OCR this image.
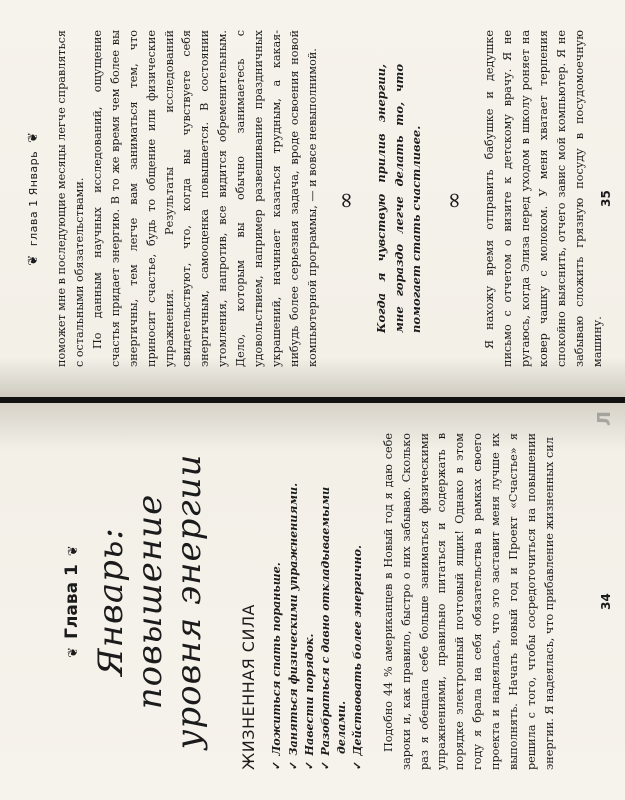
❦Глава 1❦ Январь: повышение уровня энергии ЖИЗНЕННАЯ СИЛА ✓Ложиться спать пораньше.
✓Заняться физическими упражнениями.
✓Навести порядок.
✓Разобраться с давно откладываемыми делами.
✓Действовать более энергично. Подобно 44 % американцев в Новый год я даю себе зароки и, как правило, быстро о них забываю. Сколько раз я обещала себе больше заниматься физическими упражнениями, правильно питаться и содержать в порядке электронный почтовый ящик! Однако в этом году я брала на себя обязательства в рамках своего проекта и надеялась, что это заставит меня лучше их выполнять. Начать новый год и Проект «Счастье» я решила с того, чтобы сосредоточиться на повышении энергии. Я надеялась, что прибавление жизненных сил	34
Л
❦глава 1 Январь❦ поможет мне в последующие месяцы легче справляться с остальными обязательствами. По данным научных исследований, ощущение счастья придает энергию. В то же время чем более вы энергичны, тем легче вам заниматься тем, что приносит счастье, будь то общение или физические упражнения. Результаты исследований свидетельствуют, что, когда вы чувствуете себя энергичным, самооценка повышается. В состоянии утомления, напротив, все видится обременительным. Дело, которым вы обычно занимаетесь с удовольствием, например развешивание праздничных украшений, начинает казаться трудным, а какая-нибудь более серьезная задача, вроде освоения новой компьютерной программы, — и вовсе невыполнимой. ∞ Когда я чувствую прилив энергии, мне гораздо легче делать то, что помогает стать счастливее. ∞ Я нахожу время отправить бабушке и дедушке письмо с отчетом о визите к детскому врачу. Я не ругаюсь, когда Элиза перед уходом в школу роняет на ковер чашку с молоком. У меня хватает терпения спокойно выяснить, отчего завис мой компьютер. Я не забываю сложить грязную посуду в посудомоечную машину.

35
